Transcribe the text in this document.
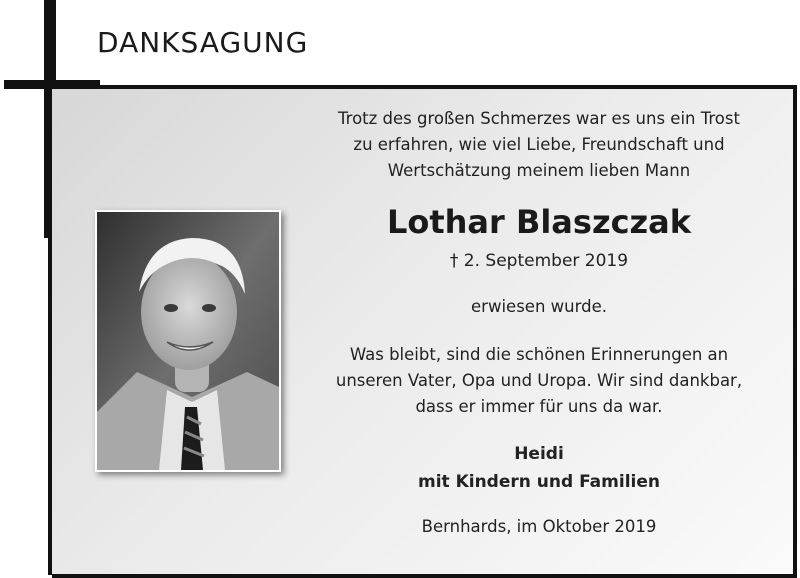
DANKSAGUNG

Trotz des großen Schmerzes war es uns ein Trost
zu erfahren, wie viel Liebe, Freundschaft und
Wertschätzung meinem lieben Mann

Lothar Blaszczak

† 2. September 2019

erwiesen wurde.

Was bleibt, sind die schönen Erinnerungen an
unseren Vater, Opa und Uropa. Wir sind dankbar,
dass er immer für uns da war.

Heidi
mit Kindern und Familien

Bernhards, im Oktober 2019
